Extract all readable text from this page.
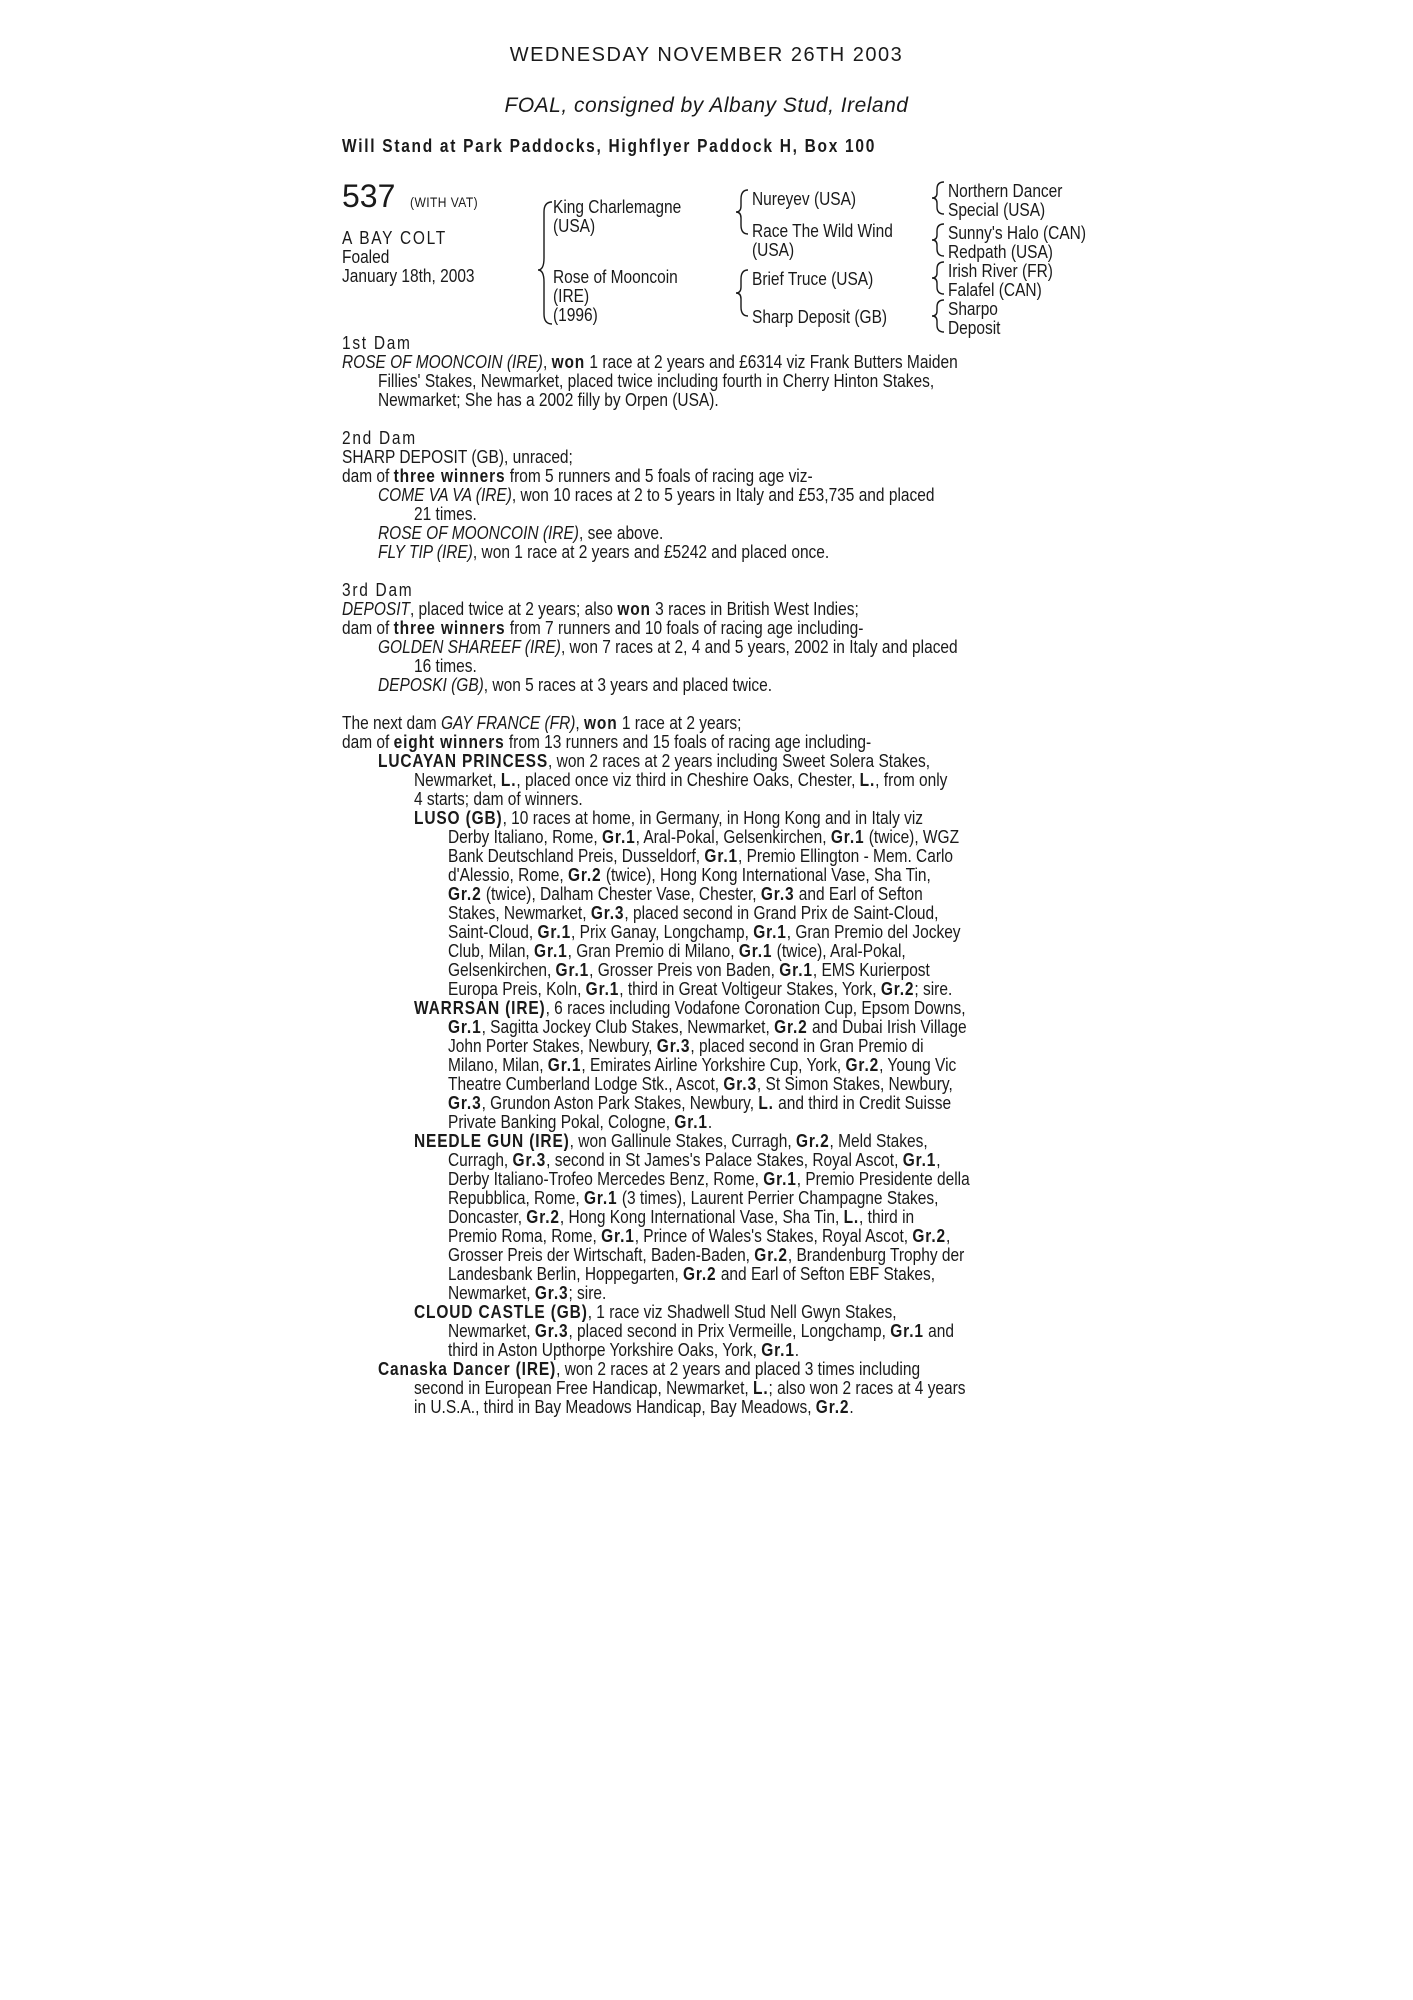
WEDNESDAY NOVEMBER 26TH 2003
FOAL, consigned by Albany Stud, Ireland
Will Stand at Park Paddocks, Highflyer Paddock H, Box 100
537 (WITH VAT)
A BAY COLT
Foaled
January 18th, 2003
King Charlemagne
(USA)
Rose of Mooncoin
(IRE)
(1996)
Nureyev (USA)
Race The Wild Wind
(USA)
Brief Truce (USA)
Sharp Deposit (GB)
Northern Dancer
Special (USA)
Sunny's Halo (CAN)
Redpath (USA)
Irish River (FR)
Falafel (CAN)
Sharpo
Deposit
1st Dam
ROSE OF MOONCOIN (IRE), won 1 race at 2 years and £6314 viz Frank Butters Maiden
Fillies' Stakes, Newmarket, placed twice including fourth in Cherry Hinton Stakes,
Newmarket; She has a 2002 filly by Orpen (USA).
2nd Dam
SHARP DEPOSIT (GB), unraced;
dam of three winners from 5 runners and 5 foals of racing age viz-
COME VA VA (IRE), won 10 races at 2 to 5 years in Italy and £53,735 and placed
21 times.
ROSE OF MOONCOIN (IRE), see above.
FLY TIP (IRE), won 1 race at 2 years and £5242 and placed once.
3rd Dam
DEPOSIT, placed twice at 2 years; also won 3 races in British West Indies;
dam of three winners from 7 runners and 10 foals of racing age including-
GOLDEN SHAREEF (IRE), won 7 races at 2, 4 and 5 years, 2002 in Italy and placed
16 times.
DEPOSKI (GB), won 5 races at 3 years and placed twice.
The next dam GAY FRANCE (FR), won 1 race at 2 years;
dam of eight winners from 13 runners and 15 foals of racing age including-
LUCAYAN PRINCESS, won 2 races at 2 years including Sweet Solera Stakes,
Newmarket, L., placed once viz third in Cheshire Oaks, Chester, L., from only
4 starts; dam of winners.
LUSO (GB), 10 races at home, in Germany, in Hong Kong and in Italy viz
Derby Italiano, Rome, Gr.1, Aral-Pokal, Gelsenkirchen, Gr.1 (twice), WGZ
Bank Deutschland Preis, Dusseldorf, Gr.1, Premio Ellington - Mem. Carlo
d'Alessio, Rome, Gr.2 (twice), Hong Kong International Vase, Sha Tin,
Gr.2 (twice), Dalham Chester Vase, Chester, Gr.3 and Earl of Sefton
Stakes, Newmarket, Gr.3, placed second in Grand Prix de Saint-Cloud,
Saint-Cloud, Gr.1, Prix Ganay, Longchamp, Gr.1, Gran Premio del Jockey
Club, Milan, Gr.1, Gran Premio di Milano, Gr.1 (twice), Aral-Pokal,
Gelsenkirchen, Gr.1, Grosser Preis von Baden, Gr.1, EMS Kurierpost
Europa Preis, Koln, Gr.1, third in Great Voltigeur Stakes, York, Gr.2; sire.
WARRSAN (IRE), 6 races including Vodafone Coronation Cup, Epsom Downs,
Gr.1, Sagitta Jockey Club Stakes, Newmarket, Gr.2 and Dubai Irish Village
John Porter Stakes, Newbury, Gr.3, placed second in Gran Premio di
Milano, Milan, Gr.1, Emirates Airline Yorkshire Cup, York, Gr.2, Young Vic
Theatre Cumberland Lodge Stk., Ascot, Gr.3, St Simon Stakes, Newbury,
Gr.3, Grundon Aston Park Stakes, Newbury, L. and third in Credit Suisse
Private Banking Pokal, Cologne, Gr.1.
NEEDLE GUN (IRE), won Gallinule Stakes, Curragh, Gr.2, Meld Stakes,
Curragh, Gr.3, second in St James's Palace Stakes, Royal Ascot, Gr.1,
Derby Italiano-Trofeo Mercedes Benz, Rome, Gr.1, Premio Presidente della
Repubblica, Rome, Gr.1 (3 times), Laurent Perrier Champagne Stakes,
Doncaster, Gr.2, Hong Kong International Vase, Sha Tin, L., third in
Premio Roma, Rome, Gr.1, Prince of Wales's Stakes, Royal Ascot, Gr.2,
Grosser Preis der Wirtschaft, Baden-Baden, Gr.2, Brandenburg Trophy der
Landesbank Berlin, Hoppegarten, Gr.2 and Earl of Sefton EBF Stakes,
Newmarket, Gr.3; sire.
CLOUD CASTLE (GB), 1 race viz Shadwell Stud Nell Gwyn Stakes,
Newmarket, Gr.3, placed second in Prix Vermeille, Longchamp, Gr.1 and
third in Aston Upthorpe Yorkshire Oaks, York, Gr.1.
Canaska Dancer (IRE), won 2 races at 2 years and placed 3 times including
second in European Free Handicap, Newmarket, L.; also won 2 races at 4 years
in U.S.A., third in Bay Meadows Handicap, Bay Meadows, Gr.2.
